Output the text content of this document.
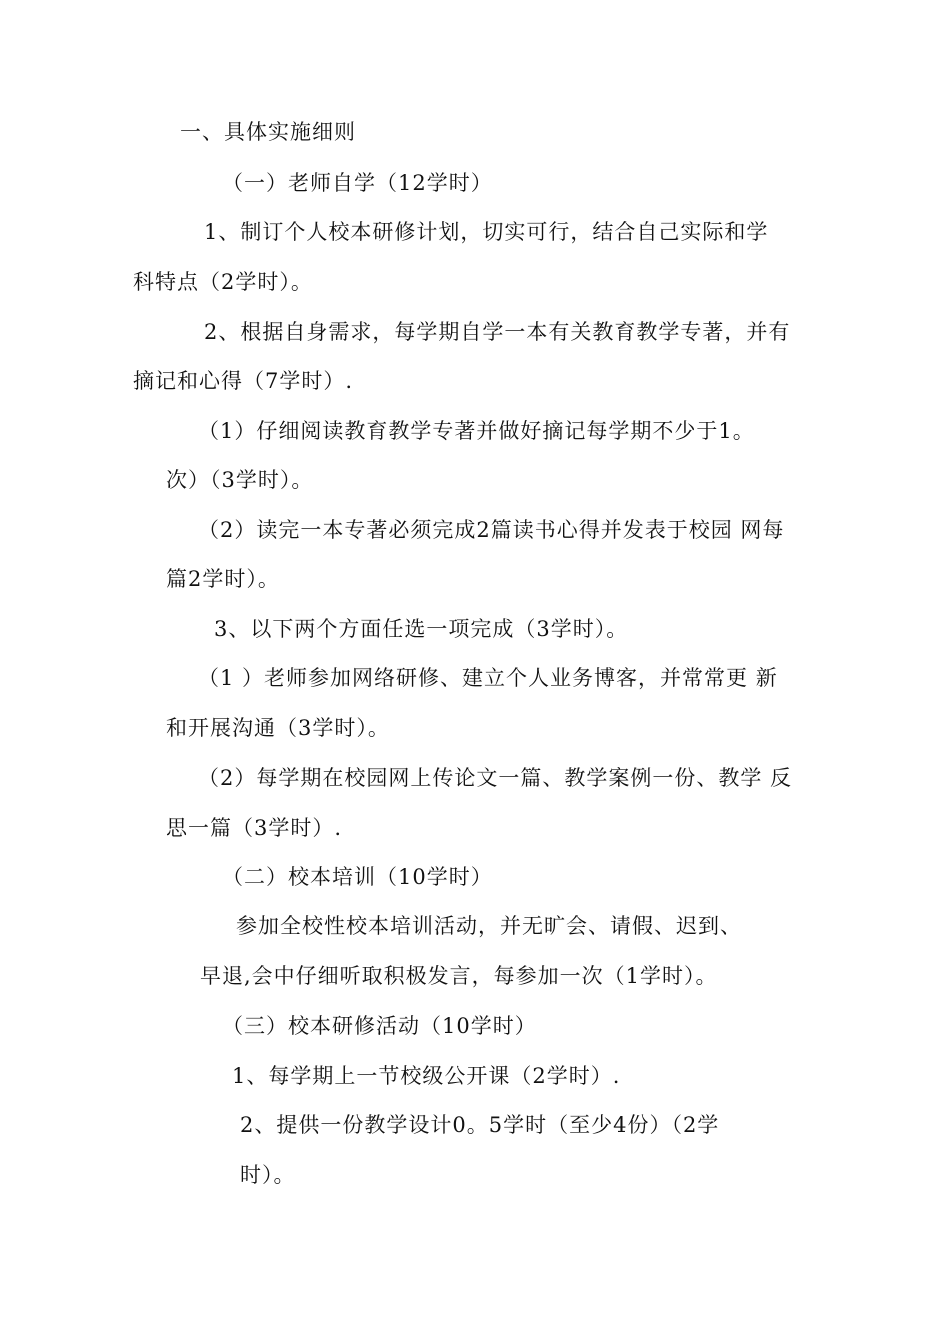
一、具体实施细则
（一）老师自学（12学时）
1、制订个人校本研修计划，切实可行，结合自己实际和学
科特点（2学时）。
2、根据自身需求，每学期自学一本有关教育教学专著，并有
摘记和心得（7学时）.
（1）仔细阅读教育教学专著并做好摘记每学期不少于1。
次）（3学时）。
（2）读完一本专著必须完成2篇读书心得并发表于校园 网每
篇2学时）。
3、以下两个方面任选一项完成（3学时）。
（1 ）老师参加网络研修、建立个人业务博客，并常常更 新
和开展沟通（3学时）。
（2）每学期在校园网上传论文一篇、教学案例一份、教学 反
思一篇（3学时）.
（二）校本培训（10学时）
参加全校性校本培训活动，并无旷会、请假、迟到、
早退,会中仔细听取积极发言，每参加一次（1学时）。
（三）校本研修活动（10学时）
1、每学期上一节校级公开课（2学时）.
2、提供一份教学设计0。5学时（至少4份）（2学
时）。
